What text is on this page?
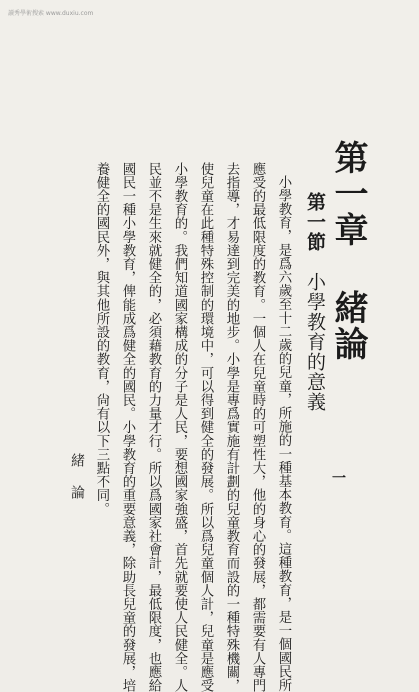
讀秀學術搜索 www.duxiu.com
第一章 緒論
第一節　小學教育的意義
小學教育，是爲六歲至十二歲的兒童，所施的一種基本教育。這種教育，是一個國民所
應受的最低限度的教育。一個人在兒童時的可塑性大，他的身心的發展，都需要有人專門
去指導，才易達到完美的地步。小學是專爲實施有計劃的兒童教育而設的一種特殊機關，
使兒童在此種特殊控制的環境中，可以得到健全的發展。所以爲兒童個人計，兒童是應受
小學教育的。我們知道國家構成的分子是人民，要想國家強盛，首先就要使人民健全。人
民並不是生來就健全的，必須藉教育的力量才行。所以爲國家社會計，最低限度，也應給
國民一種小學教育，俾能成爲健全的國民。小學教育的重要意義，除助長兒童的發展，培
養健全的國民外，與其他所設的教育，尙有以下三點不同。
緒論	一
